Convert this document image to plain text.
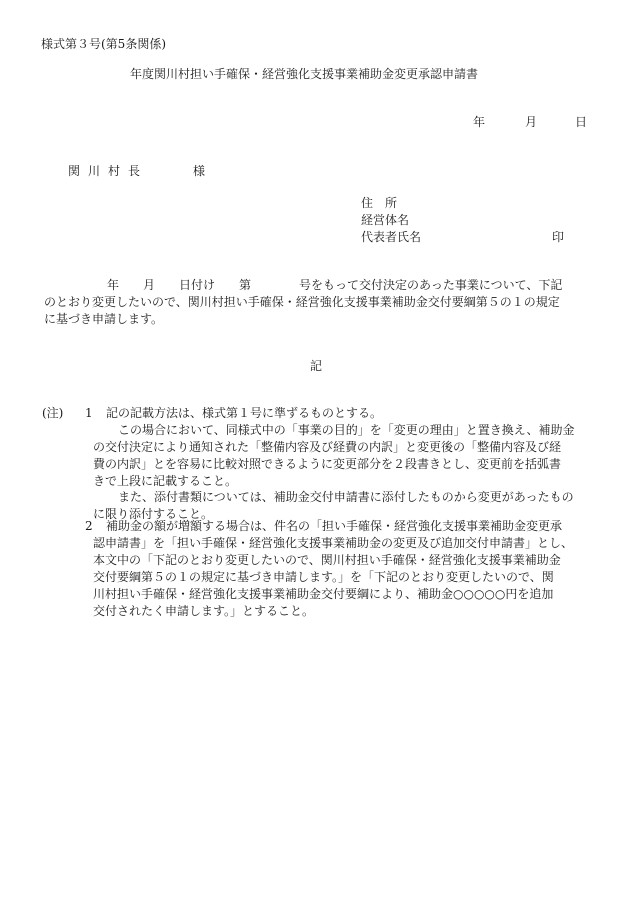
様式第３号(第5条関係)
年度関川村担い手確保・経営強化支援事業補助金変更承認申請書
年	月	日
関川村長	様
住　所
経営体名
代表者氏名	印
年　　月　　日付け　　第　　　　号をもって交付決定のあった事業について、下記
のとおり変更したいので、関川村担い手確保・経営強化支援事業補助金交付要綱第５の１の規定
に基づき申請します。
記
(注) 1 記の記載方法は、様式第１号に準ずるものとする。
この場合において、同様式中の「事業の目的」を「変更の理由」と置き換え、補助金
の交付決定により通知された「整備内容及び経費の内訳」と変更後の「整備内容及び経
費の内訳」とを容易に比較対照できるように変更部分を２段書きとし、変更前を括弧書
きで上段に記載すること。
また、添付書類については、補助金交付申請書に添付したものから変更があったもの
に限り添付すること。
2 補助金の額が増額する場合は、件名の「担い手確保・経営強化支援事業補助金変更承
認申請書」を「担い手確保・経営強化支援事業補助金の変更及び追加交付申請書」とし、
本文中の「下記のとおり変更したいので、関川村担い手確保・経営強化支援事業補助金
交付要綱第５の１の規定に基づき申請します。」を「下記のとおり変更したいので、関
川村担い手確保・経営強化支援事業補助金交付要綱により、補助金○○○○○円を追加
交付されたく申請します。」とすること。
